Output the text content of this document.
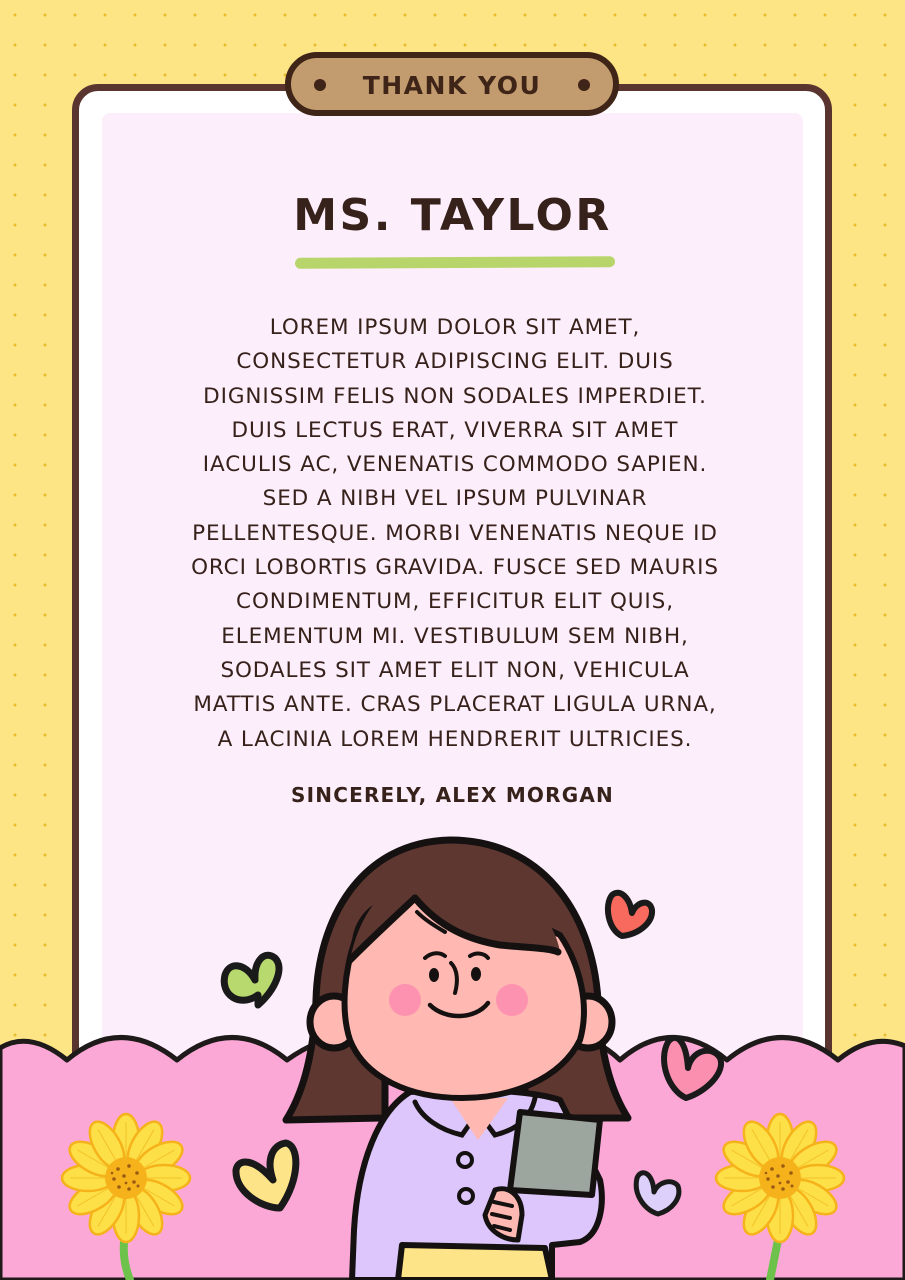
THANK YOU
MS. TAYLOR
LOREM IPSUM DOLOR SIT AMET,
CONSECTETUR ADIPISCING ELIT. DUIS
DIGNISSIM FELIS NON SODALES IMPERDIET.
DUIS LECTUS ERAT, VIVERRA SIT AMET
IACULIS AC, VENENATIS COMMODO SAPIEN.
SED A NIBH VEL IPSUM PULVINAR
PELLENTESQUE. MORBI VENENATIS NEQUE ID
ORCI LOBORTIS GRAVIDA. FUSCE SED MAURIS
CONDIMENTUM, EFFICITUR ELIT QUIS,
ELEMENTUM MI. VESTIBULUM SEM NIBH,
SODALES SIT AMET ELIT NON, VEHICULA
MATTIS ANTE. CRAS PLACERAT LIGULA URNA,
A LACINIA LOREM HENDRERIT ULTRICIES.
SINCERELY, ALEX MORGAN
